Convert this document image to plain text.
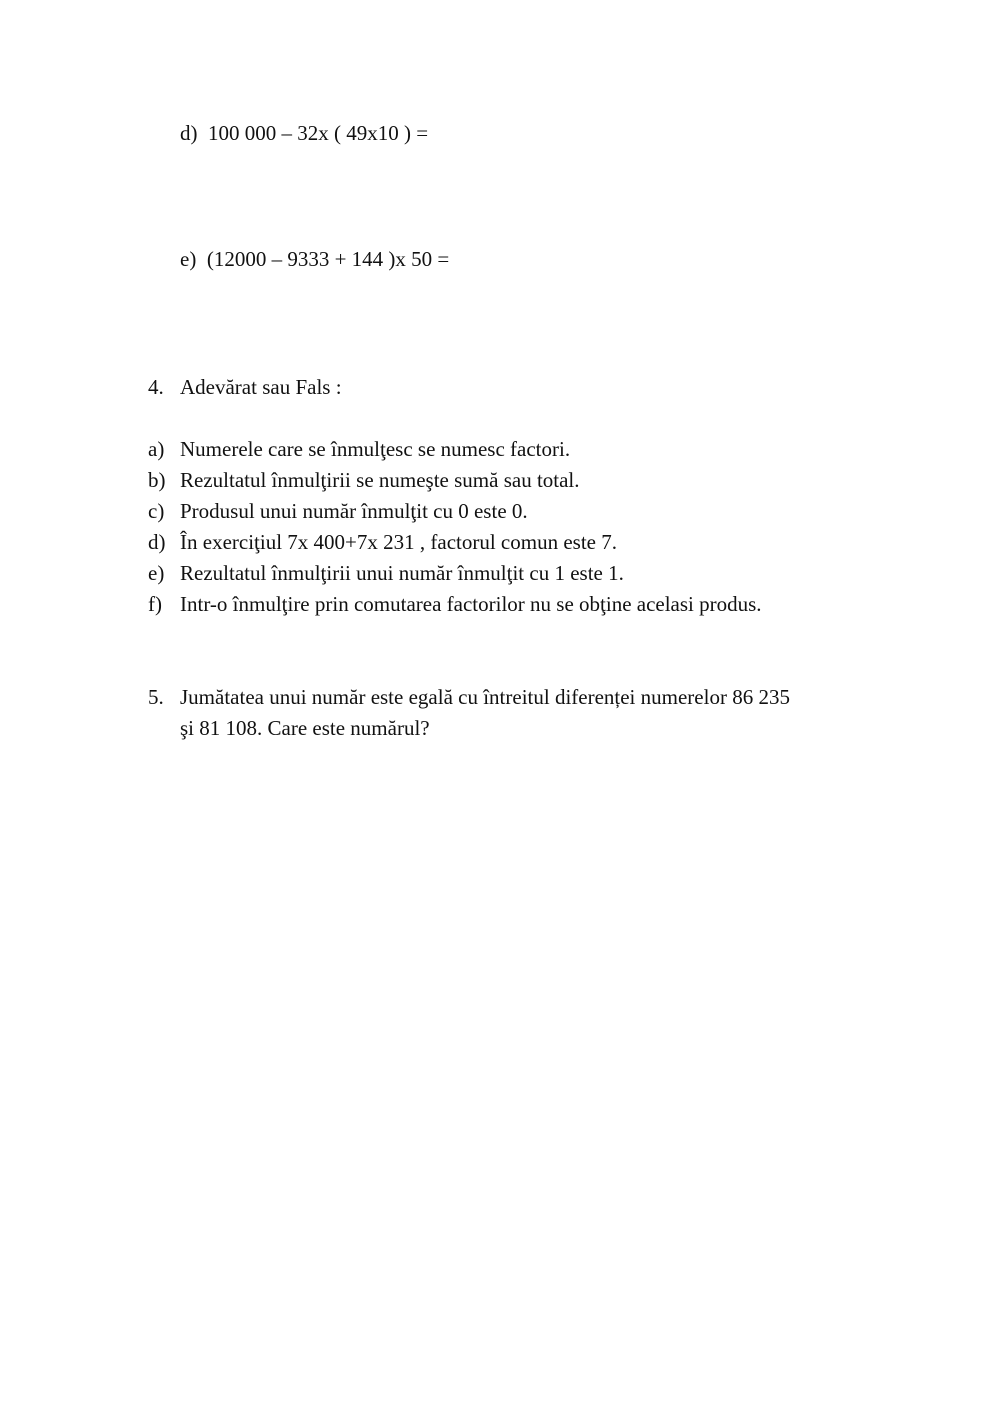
d) 100 000 – 32x ( 49x10 ) =
e) (12000 – 9333 + 144 )x 50 =
4. Adevărat sau Fals :
a) Numerele care se înmulţesc se numesc factori.
b) Rezultatul înmulţirii se numeşte sumă sau total.
c) Produsul unui număr înmulţit cu 0 este 0.
d) În exerciţiul 7x 400+7x 231 , factorul comun este 7.
e) Rezultatul înmulţirii unui număr înmulţit cu 1 este 1.
f) Intr-o înmulţire prin comutarea factorilor nu se obţine acelasi produs.
5. Jumătatea unui număr este egală cu întreitul diferenței numerelor 86 235
şi 81 108. Care este numărul?
